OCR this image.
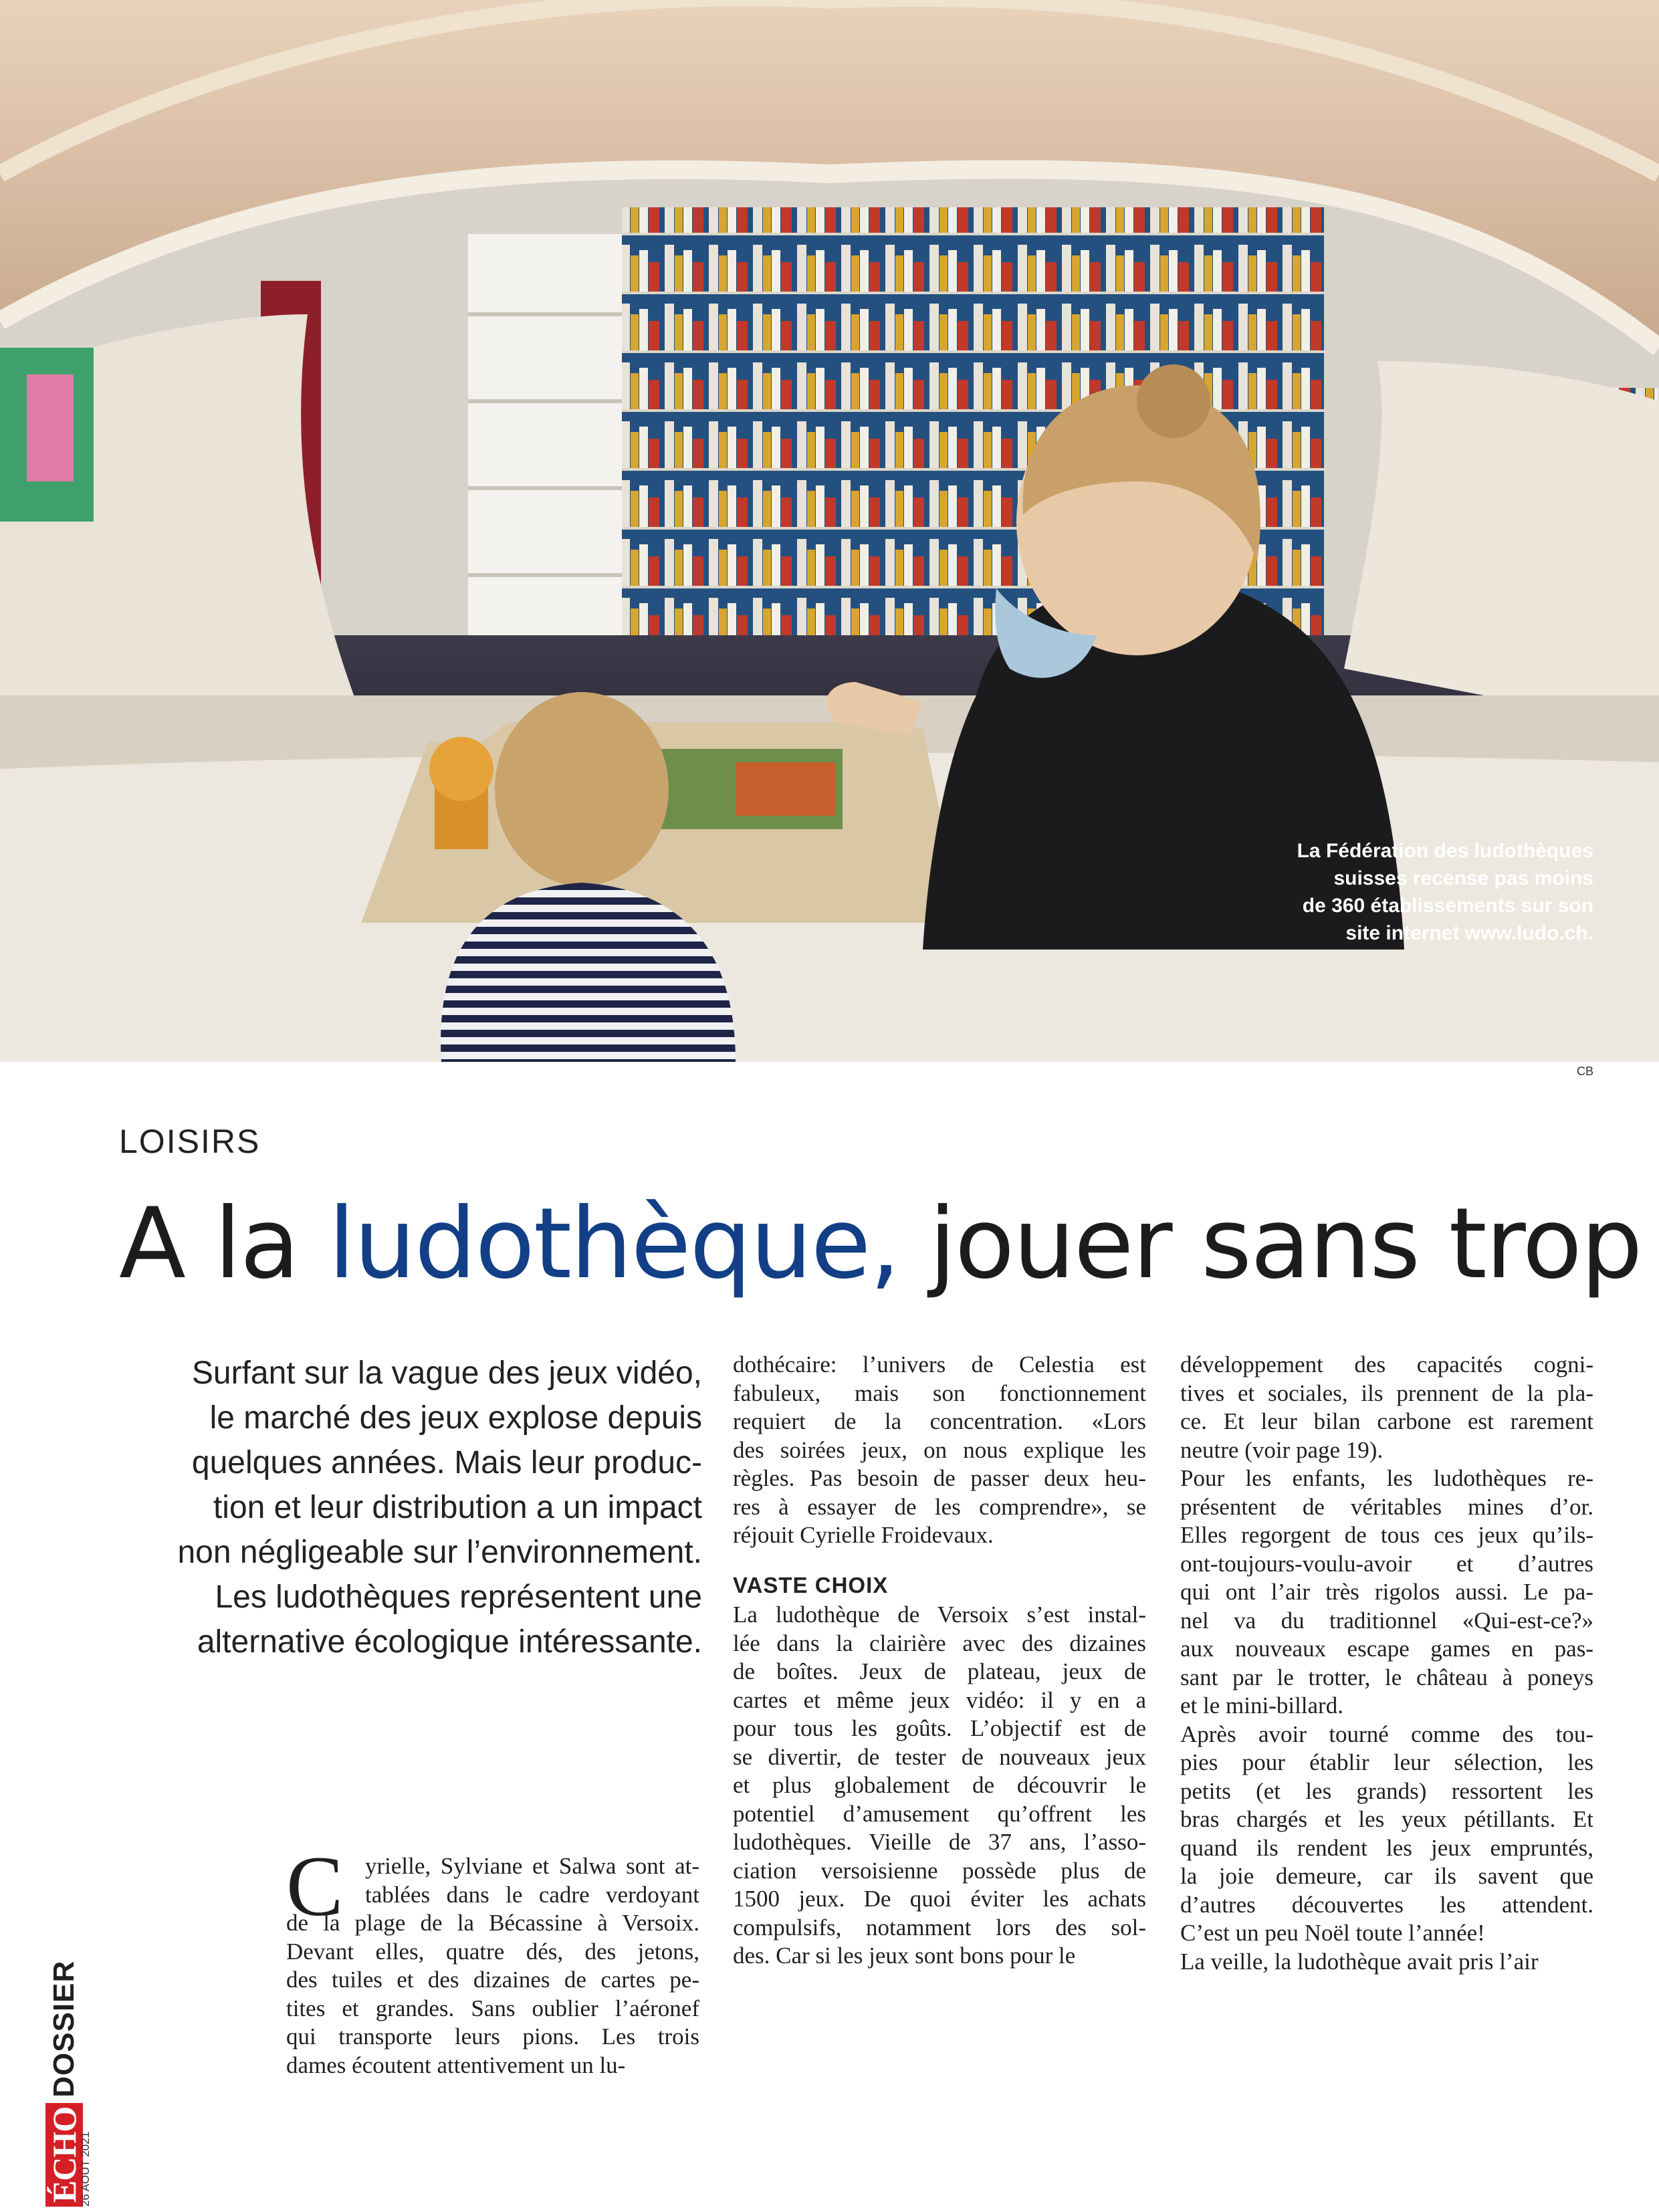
La Fédération des ludothèques
suisses recense pas moins
de 360 établissements sur son
site internet www.ludo.ch.
CB
LOISIRS
A la ludothèque, jouer sans trop
Surfant sur la vague des jeux vidéo,
le marché des jeux explose depuis
quelques années. Mais leur produc-
tion et leur distribution a un impact
non négligeable sur l’environnement.
Les ludothèques représentent une
alternative écologique intéressante.
C yrielle, Sylviane et Salwa sont at-
tablées dans le cadre verdoyant
de la plage de la Bécassine à Versoix.
Devant elles, quatre dés, des jetons,
des tuiles et des dizaines de cartes pe-
tites et grandes. Sans oublier l’aéronef
qui transporte leurs pions. Les trois
dames écoutent attentivement un lu-
dothécaire: l’univers de Celestia est
fabuleux, mais son fonctionnement
requiert de la concentration. «Lors
des soirées jeux, on nous explique les
règles. Pas besoin de passer deux heu-
res à essayer de les comprendre», se
réjouit Cyrielle Froidevaux.
VASTE CHOIX
La ludothèque de Versoix s’est instal-
lée dans la clairière avec des dizaines
de boîtes. Jeux de plateau, jeux de
cartes et même jeux vidéo: il y en a
pour tous les goûts. L’objectif est de
se divertir, de tester de nouveaux jeux
et plus globalement de découvrir le
potentiel d’amusement qu’offrent les
ludothèques. Vieille de 37 ans, l’asso-
ciation versoisienne possède plus de
1500 jeux. De quoi éviter les achats
compulsifs, notamment lors des sol-
des. Car si les jeux sont bons pour le
développement des capacités cogni-
tives et sociales, ils prennent de la pla-
ce. Et leur bilan carbone est rarement
neutre (voir page 19).
Pour les enfants, les ludothèques re-
présentent de véritables mines d’or.
Elles regorgent de tous ces jeux qu’ils-
ont-toujours-voulu-avoir et d’autres
qui ont l’air très rigolos aussi. Le pa-
nel va du traditionnel «Qui-est-ce?»
aux nouveaux escape games en pas-
sant par le trotter, le château à poneys
et le mini-billard.
Après avoir tourné comme des tou-
pies pour établir leur sélection, les
petits (et les grands) ressortent les
bras chargés et les yeux pétillants. Et
quand ils rendent les jeux empruntés,
la joie demeure, car ils savent que
d’autres découvertes les attendent.
C’est un peu Noël toute l’année!
La veille, la ludothèque avait pris l’air
ÉCHO
DOSSIER
26 AOÛT 2021
